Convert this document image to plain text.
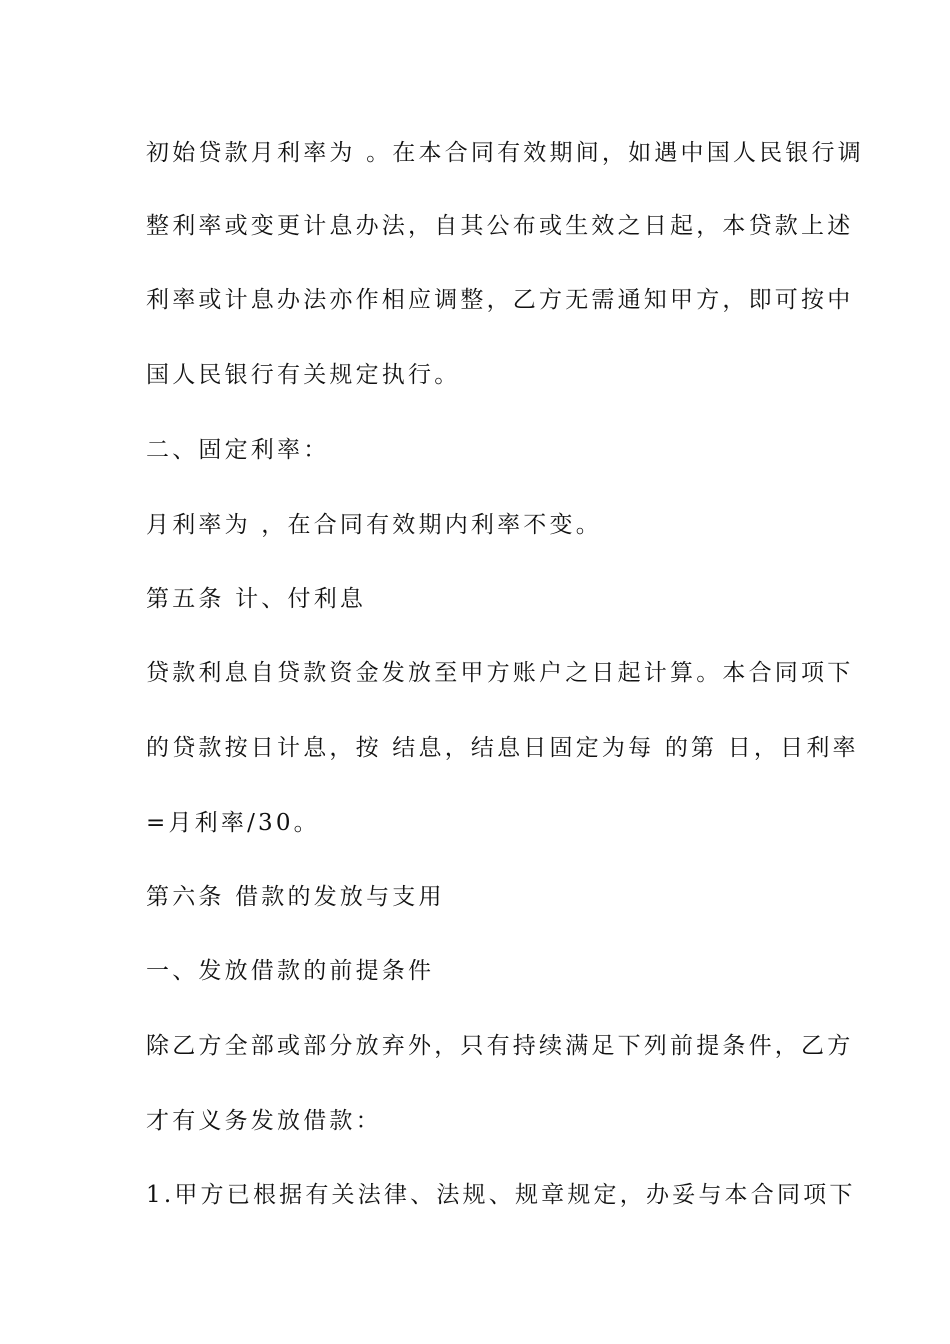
初始贷款月利率为 。在本合同有效期间，如遇中国人民银行调
整利率或变更计息办法，自其公布或生效之日起，本贷款上述
利率或计息办法亦作相应调整，乙方无需通知甲方，即可按中
国人民银行有关规定执行。
二、固定利率：
月利率为 ，在合同有效期内利率不变。
第五条 计、付利息
贷款利息自贷款资金发放至甲方账户之日起计算。本合同项下
的贷款按日计息，按 结息，结息日固定为每 的第 日，日利率
=月利率/30。
第六条 借款的发放与支用
一、发放借款的前提条件
除乙方全部或部分放弃外，只有持续满足下列前提条件，乙方
才有义务发放借款：
1.甲方已根据有关法律、法规、规章规定，办妥与本合同项下
